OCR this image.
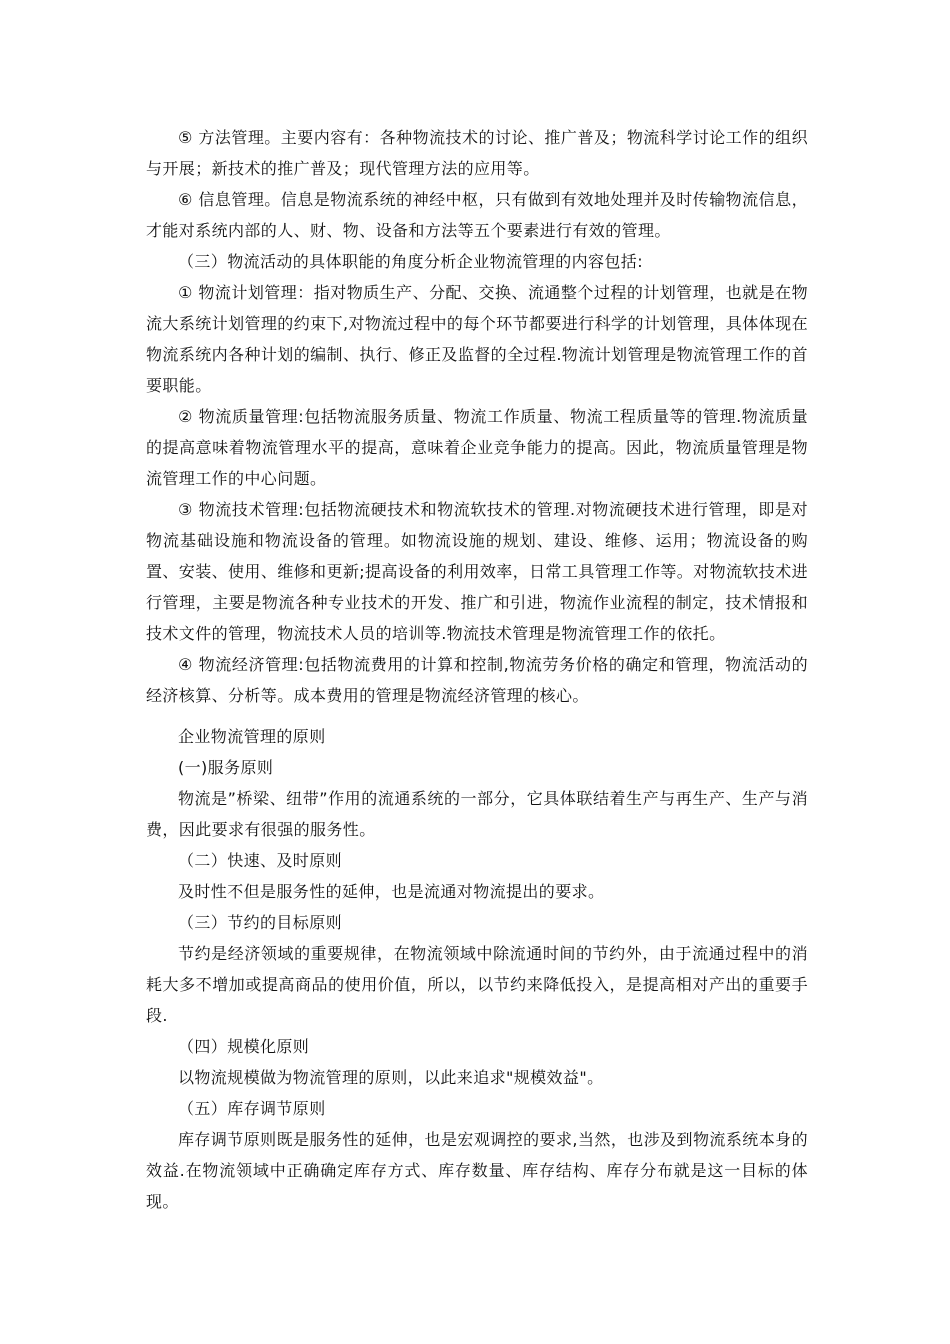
⑤ 方法管理。主要内容有：各种物流技术的讨论、推广普及；物流科学讨论工作的组织与开展；新技术的推广普及；现代管理方法的应用等。

⑥ 信息管理。信息是物流系统的神经中枢，只有做到有效地处理并及时传输物流信息，才能对系统内部的人、财、物、设备和方法等五个要素进行有效的管理。

（三）物流活动的具体职能的角度分析企业物流管理的内容包括:

① 物流计划管理：指对物质生产、分配、交换、流通整个过程的计划管理，也就是在物流大系统计划管理的约束下,对物流过程中的每个环节都要进行科学的计划管理，具体体现在物流系统内各种计划的编制、执行、修正及监督的全过程.物流计划管理是物流管理工作的首要职能。

② 物流质量管理:包括物流服务质量、物流工作质量、物流工程质量等的管理.物流质量的提高意味着物流管理水平的提高，意味着企业竞争能力的提高。因此，物流质量管理是物流管理工作的中心问题。

③ 物流技术管理:包括物流硬技术和物流软技术的管理.对物流硬技术进行管理，即是对物流基础设施和物流设备的管理。如物流设施的规划、建设、维修、运用；物流设备的购置、安装、使用、维修和更新;提高设备的利用效率，日常工具管理工作等。对物流软技术进行管理，主要是物流各种专业技术的开发、推广和引进，物流作业流程的制定，技术情报和技术文件的管理，物流技术人员的培训等.物流技术管理是物流管理工作的依托。

④ 物流经济管理:包括物流费用的计算和控制,物流劳务价格的确定和管理，物流活动的经济核算、分析等。成本费用的管理是物流经济管理的核心。

企业物流管理的原则

(一)服务原则

物流是”桥梁、纽带”作用的流通系统的一部分，它具体联结着生产与再生产、生产与消费，因此要求有很强的服务性。

（二）快速、及时原则

及时性不但是服务性的延伸，也是流通对物流提出的要求。

（三）节约的目标原则

节约是经济领域的重要规律，在物流领域中除流通时间的节约外，由于流通过程中的消耗大多不增加或提高商品的使用价值，所以，以节约来降低投入，是提高相对产出的重要手段.

（四）规模化原则

以物流规模做为物流管理的原则，以此来追求"规模效益"。

（五）库存调节原则

库存调节原则既是服务性的延伸，也是宏观调控的要求,当然，也涉及到物流系统本身的效益.在物流领域中正确确定库存方式、库存数量、库存结构、库存分布就是这一目标的体现。
